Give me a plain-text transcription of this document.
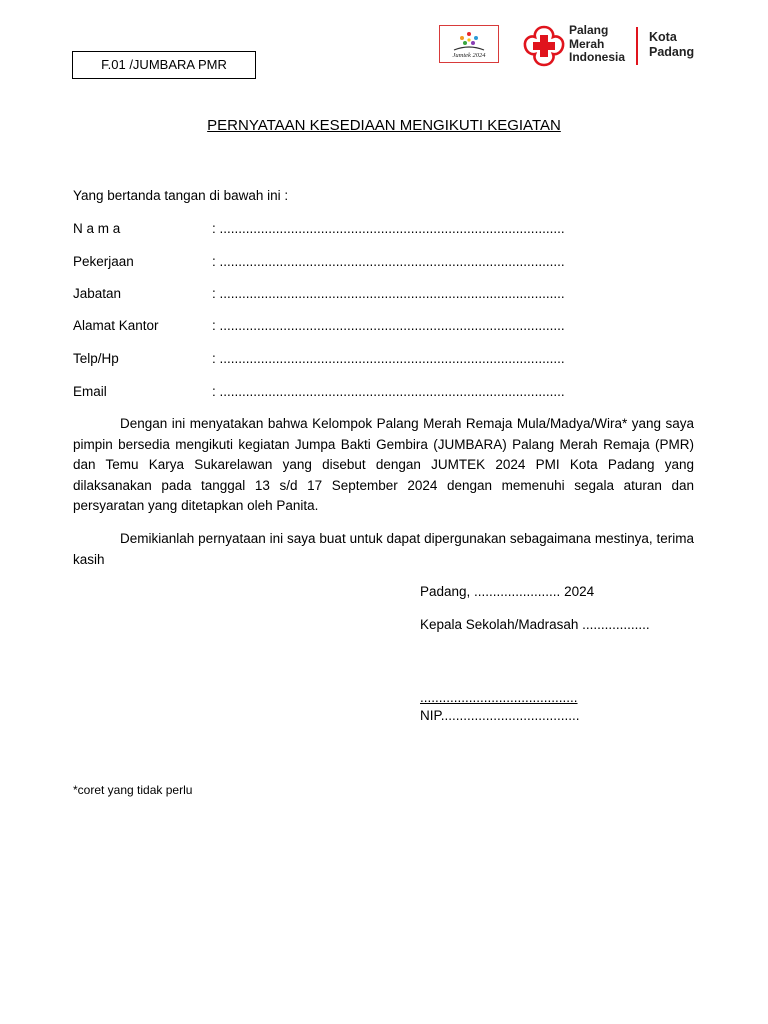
F.01 /JUMBARA PMR
Jumtek 2024
Palang
Merah
Indonesia
Kota
Padang
PERNYATAAN KESEDIAAN MENGIKUTI KEGIATAN
Yang bertanda tangan di bawah ini :
N a m a	: ............................................................................................
Pekerjaan	: ............................................................................................
Jabatan	: ............................................................................................
Alamat Kantor	: ............................................................................................
Telp/Hp	: ............................................................................................
Email	: ............................................................................................
Dengan ini menyatakan bahwa Kelompok Palang Merah Remaja Mula/Madya/Wira* yang saya pimpin bersedia mengikuti kegiatan Jumpa Bakti Gembira (JUMBARA) Palang Merah Remaja (PMR) dan Temu Karya Sukarelawan yang disebut dengan JUMTEK 2024 PMI Kota Padang yang dilaksanakan pada tanggal 13 s/d 17 September 2024 dengan memenuhi segala aturan dan persyaratan yang ditetapkan oleh Panita.
Demikianlah pernyataan ini saya buat untuk dapat dipergunakan sebagaimana mestinya, terima kasih
Padang, ....................... 2024
Kepala Sekolah/Madrasah ..................
..........................................
NIP.....................................
*coret yang tidak perlu
